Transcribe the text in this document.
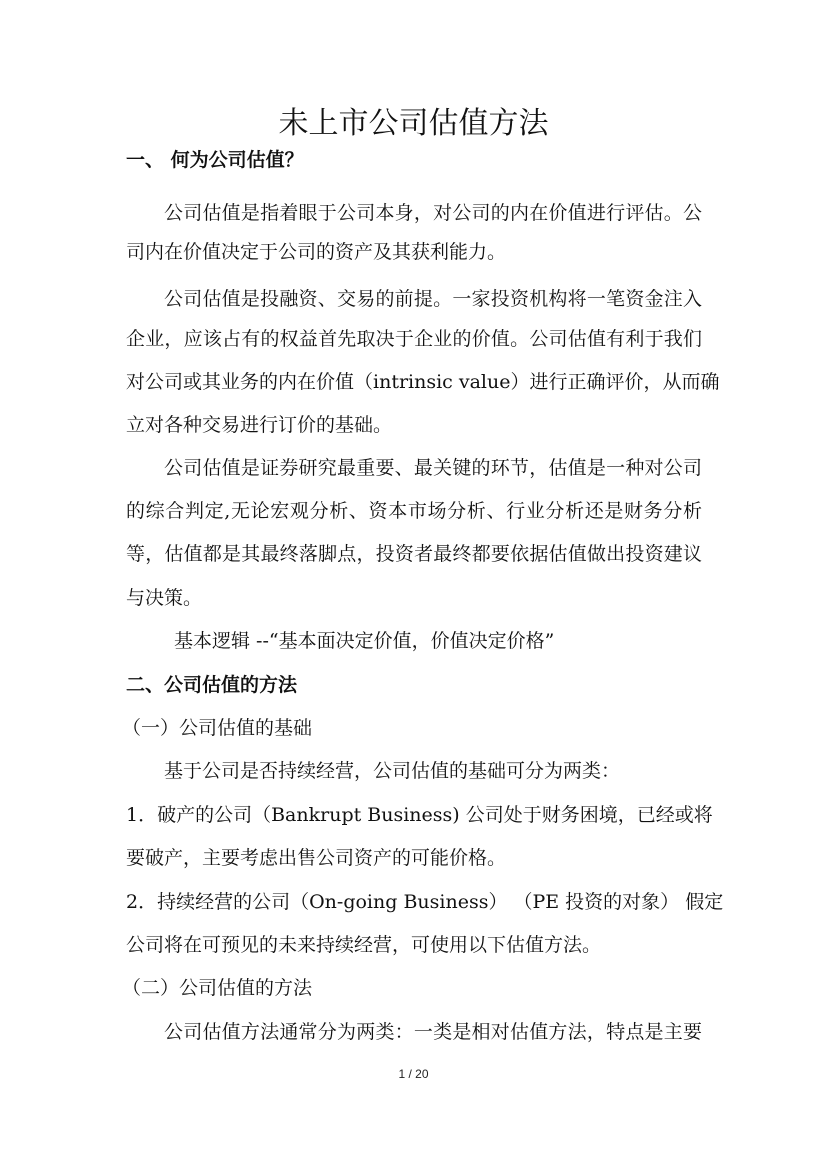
未上市公司估值方法
一、 何为公司估值？
公司估值是指着眼于公司本身，对公司的内在价值进行评估。公
司内在价值决定于公司的资产及其获利能力。
公司估值是投融资、交易的前提。一家投资机构将一笔资金注入
企业，应该占有的权益首先取决于企业的价值。公司估值有利于我们
对公司或其业务的内在价值（intrinsic value）进行正确评价，从而确
立对各种交易进行订价的基础。
公司估值是证券研究最重要、最关键的环节，估值是一种对公司
的综合判定,无论宏观分析、资本市场分析、行业分析还是财务分析
等，估值都是其最终落脚点，投资者最终都要依据估值做出投资建议
与决策。
基本逻辑 --“基本面决定价值，价值决定价格”
二、公司估值的方法
（一）公司估值的基础
基于公司是否持续经营，公司估值的基础可分为两类：
1．破产的公司（Bankrupt Business) 公司处于财务困境，已经或将
要破产，主要考虑出售公司资产的可能价格。
2．持续经营的公司（On-going Business） （PE 投资的对象） 假定
公司将在可预见的未来持续经营，可使用以下估值方法。
（二）公司估值的方法
公司估值方法通常分为两类：一类是相对估值方法，特点是主要
1 / 20
